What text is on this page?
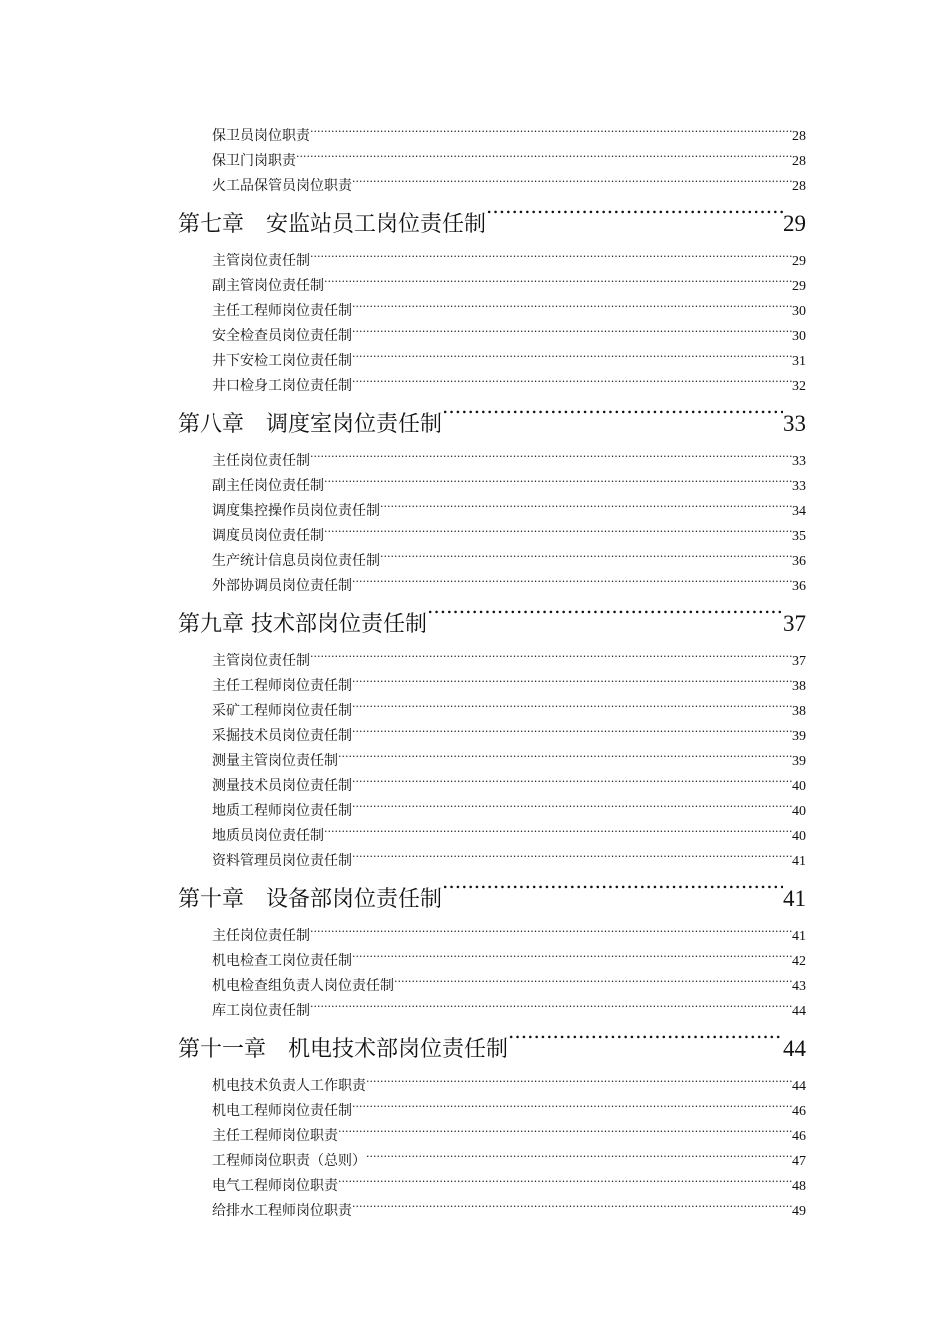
保卫员岗位职责 .....	28
保卫门岗职责 .....	28
火工品保管员岗位职责 .....	28
第七章　安监站员工岗位责任制 .....	29
主管岗位责任制 .....	29
副主管岗位责任制 .....	29
主任工程师岗位责任制 .....	30
安全检查员岗位责任制 .....	30
井下安检工岗位责任制 .....	31
井口检身工岗位责任制 .....	32
第八章　调度室岗位责任制 .....	33
主任岗位责任制 .....	33
副主任岗位责任制 .....	33
调度集控操作员岗位责任制 .....	34
调度员岗位责任制 .....	35
生产统计信息员岗位责任制 .....	36
外部协调员岗位责任制 .....	36
第九章 技术部岗位责任制 .....	37
主管岗位责任制 .....	37
主任工程师岗位责任制 .....	38
采矿工程师岗位责任制 .....	38
采掘技术员岗位责任制 .....	39
测量主管岗位责任制 .....	39
测量技术员岗位责任制 .....	40
地质工程师岗位责任制 .....	40
地质员岗位责任制 .....	40
资料管理员岗位责任制 .....	41
第十章　设备部岗位责任制 .....	41
主任岗位责任制 .....	41
机电检查工岗位责任制 .....	42
机电检查组负责人岗位责任制 .....	43
库工岗位责任制 .....	44
第十一章　机电技术部岗位责任制 .....	44
机电技术负责人工作职责 .....	44
机电工程师岗位责任制 .....	46
主任工程师岗位职责 .....	46
工程师岗位职责（总则） .....	47
电气工程师岗位职责 .....	48
给排水工程师岗位职责 .....	49
